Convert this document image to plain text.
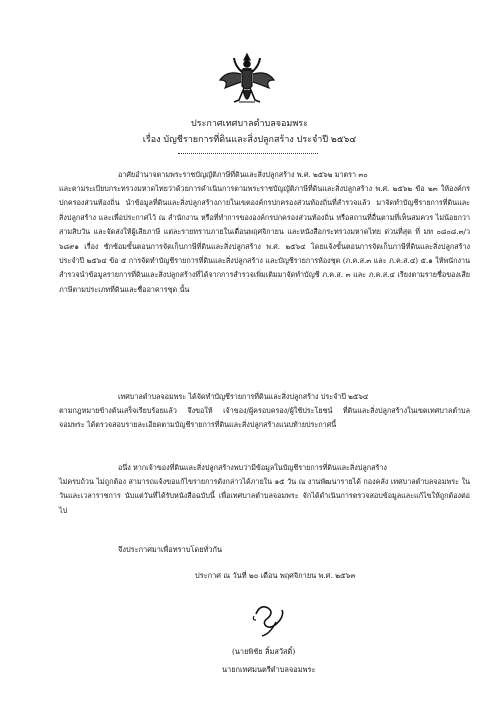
ประกาศเทศบาลตำบลจอมพระ
เรื่อง บัญชีรายการที่ดินและสิ่งปลูกสร้าง ประจำปี ๒๕๖๔
อาศัยอำนาจตามพระราชบัญญัติภาษีที่ดินและสิ่งปลูกสร้าง พ.ศ. ๒๕๖๒ มาตรา ๓๐
และตามระเบียบกระทรวงมหาดไทยว่าด้วยการดำเนินการตามพระราชบัญญัติภาษีที่ดินและสิ่งปลูกสร้าง พ.ศ. ๒๕๖๒ ข้อ ๒๓ ให้องค์กรปกครองส่วนท้องถิ่น นำข้อมูลที่ดินและสิ่งปลูกสร้างภายในเขตองค์กรปกครองส่วนท้องถิ่นที่สำรวจแล้ว มาจัดทำบัญชีรายการที่ดินและสิ่งปลูกสร้าง และเพื่อประกาศไว้ ณ สำนักงาน หรือที่ทำการขององค์กรปกครองส่วนท้องถิ่น หรือสถานที่อื่นตามที่เห็นสมควร ไม่น้อยกว่าสามสิบวัน และจัดส่งให้ผู้เสียภาษี แต่ละรายทราบภายในเดือนพฤศจิกายน และหนังสือกระทรวงมหาดไทย ด่วนที่สุด ที่ มท ๐๘๐๘.๓/ว ๖๘๙๑ เรื่อง ซักซ้อมขั้นตอนการจัดเก็บภาษีที่ดินและสิ่งปลูกสร้าง พ.ศ. ๒๕๖๔ โดยแจ้งขั้นตอนการจัดเก็บภาษีที่ดินและสิ่งปลูกสร้าง ประจำปี ๒๕๖๔ ข้อ ๕ การจัดทำบัญชีรายการที่ดินและสิ่งปลูกสร้าง และบัญชีรายการห้องชุด (ภ.ค.ส.๓ และ ภ.ค.ส.๔) ๕.๑ ให้พนักงานสำรวจนำข้อมูลรายการที่ดินและสิ่งปลูกสร้างที่ได้จากการสำรวจเพิ่มเติมมาจัดทำบัญชี ภ.ค.ส. ๓ และ ภ.ค.ส.๔ เรียงตามรายชื่อของเสียภาษีตามประเภทที่ดินและชื่ออาคารชุด นั้น
เทศบาลตำบลจอมพระ ได้จัดทำบัญชีรายการที่ดินและสิ่งปลูกสร้าง ประจำปี ๒๕๖๔
ตามกฎหมายข้างต้นเสร็จเรียบร้อยแล้ว จึงขอให้ เจ้าของ/ผู้ครอบครอง/ผู้ใช้ประโยชน์ ที่ดินและสิ่งปลูกสร้างในเขตเทศบาลตำบลจอมพระ ได้ตรวจสอบรายละเอียดตามบัญชีรายการที่ดินและสิ่งปลูกสร้างแนบท้ายประกาศนี้
อนึ่ง หากเจ้าของที่ดินและสิ่งปลูกสร้างพบว่ามีข้อมูลในบัญชีรายการที่ดินและสิ่งปลูกสร้าง
ไม่ครบถ้วน ไม่ถูกต้อง สามารถแจ้งขอแก้ไขรายการดังกล่าวได้ภายใน ๑๕ วัน ณ งานพัฒนารายได้ กองคลัง เทศบาลตำบลจอมพระ ในวันและเวลาราชการ นับแต่วันที่ได้รับหนังสือฉบับนี้ เพื่อเทศบาลตำบลจอมพระ จักได้ดำเนินการตรวจสอบข้อมูลและแก้ไขให้ถูกต้องต่อไป
จึงประกาศมาเพื่อทราบโดยทั่วกัน
ประกาศ ณ วันที่ ๒๐ เดือน พฤศจิกายน พ.ศ. ๒๕๖๓
(นายพิชัย ลิ้มสวัสดิ์)
นายกเทศมนตรีตำบลจอมพระ
